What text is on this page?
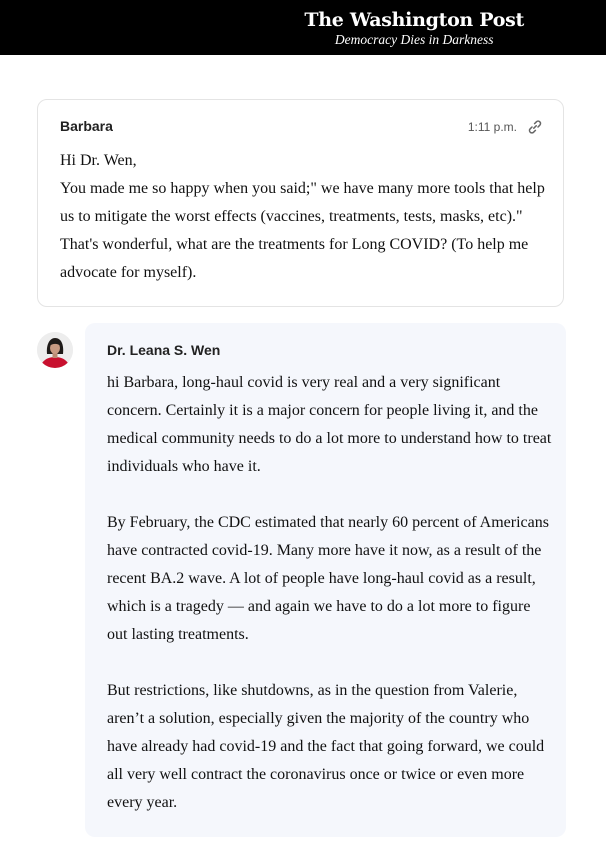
The Washington Post
Democracy Dies in Darkness
Barbara	1:11 p.m.

Hi Dr. Wen,

You made me so happy when you said;" we have many more tools that help us to mitigate the worst effects (vaccines, treatments, tests, masks, etc)." That's wonderful, what are the treatments for Long COVID? (To help me advocate for myself).

Dr. Leana S. Wen

hi Barbara, long-haul covid is very real and a very significant concern. Certainly it is a major concern for people living it, and the medical community needs to do a lot more to understand how to treat individuals who have it.

By February, the CDC estimated that nearly 60 percent of Americans have contracted covid-19. Many more have it now, as a result of the recent BA.2 wave. A lot of people have long-haul covid as a result, which is a tragedy — and again we have to do a lot more to figure out lasting treatments.

But restrictions, like shutdowns, as in the question from Valerie, aren’t a solution, especially given the majority of the country who have already had covid-19 and the fact that going forward, we could all very well contract the coronavirus once or twice or even more every year.
